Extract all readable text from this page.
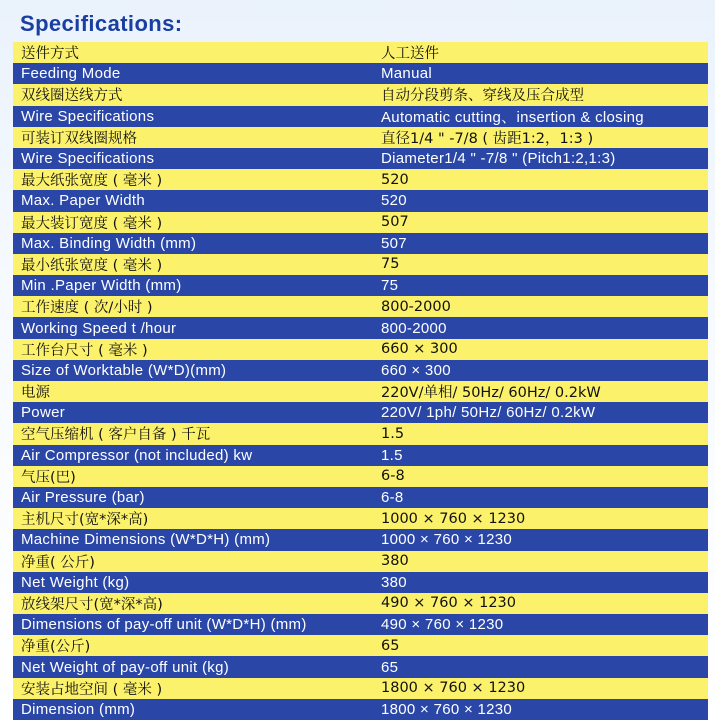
Specifications:
送件方式	人工送件
Feeding Mode	Manual
双线圈送线方式	自动分段剪条、穿线及压合成型
Wire Specifications	Automatic cutting、insertion & closing
可装订双线圈规格	直径1/4 " -7/8 ( 齿距1:2，1:3 )
Wire Specifications	Diameter1/4 " -7/8 " (Pitch1:2,1:3)
最大纸张宽度 ( 毫米 )	520
Max. Paper Width	520
最大装订宽度 ( 毫米 )	507
Max. Binding Width (mm)	507
最小纸张宽度 ( 毫米 )	75
Min .Paper Width (mm)	75
工作速度 ( 次/小时 )	800-2000
Working Speed t /hour	800-2000
工作台尺寸 ( 毫米 )	660 × 300
Size of Worktable (W*D)(mm)	660 × 300
电源	220V/单相/ 50Hz/ 60Hz/ 0.2kW
Power	220V/ 1ph/ 50Hz/ 60Hz/ 0.2kW
空气压缩机 ( 客户自备 ) 千瓦	1.5
Air Compressor (not included) kw	1.5
气压(巴)	6-8
Air Pressure (bar)	6-8
主机尺寸(宽*深*高)	1000 × 760 × 1230
Machine Dimensions (W*D*H) (mm)	1000 × 760 × 1230
净重( 公斤)	380
Net Weight (kg)	380
放线架尺寸(宽*深*高)	490 × 760 × 1230
Dimensions of pay-off unit (W*D*H) (mm)	490 × 760 × 1230
净重(公斤)	65
Net Weight of pay-off unit (kg)	65
安装占地空间 ( 毫米 )	1800 × 760 × 1230
Dimension (mm)	1800 × 760 × 1230
